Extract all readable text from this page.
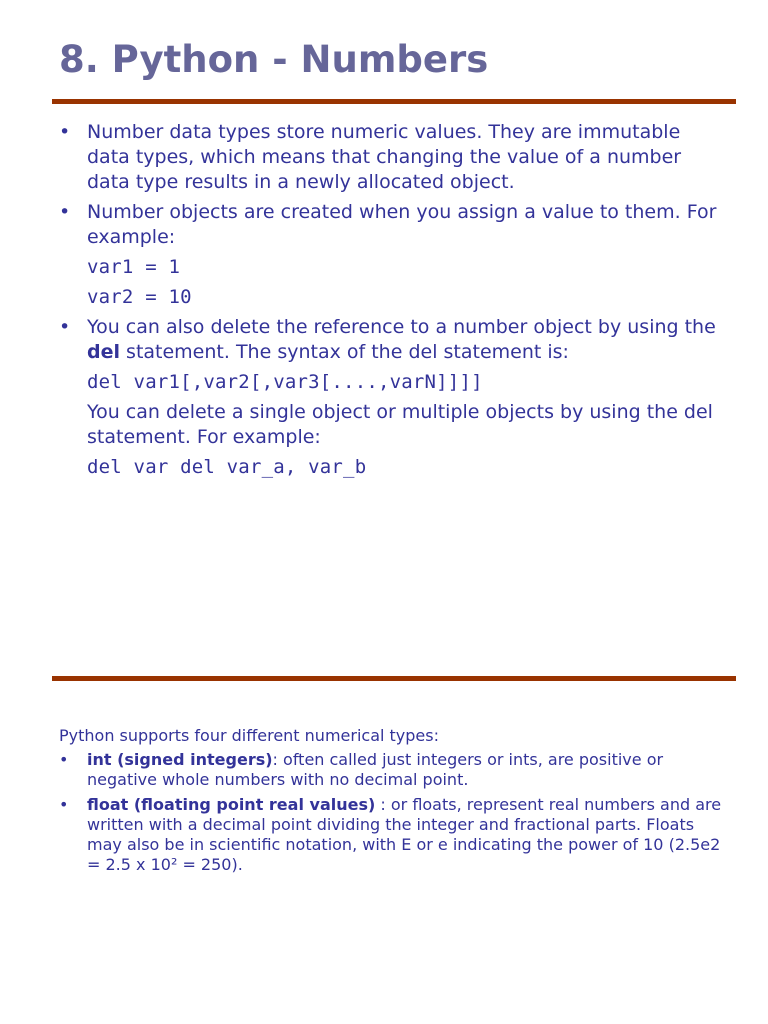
8. Python - Numbers
• Number data types store numeric values. They are immutable data types, which means that changing the value of a number data type results in a newly allocated object.
• Number objects are created when you assign a value to them. For example:
var1 = 1
var2 = 10
• You can also delete the reference to a number object by using the del statement. The syntax of the del statement is:
del var1[,var2[,var3[....,varN]]]]
You can delete a single object or multiple objects by using the del statement. For example:
del var del var_a, var_b
Python supports four different numerical types:
• int (signed integers): often called just integers or ints, are positive or negative whole numbers with no decimal point.
• float (floating point real values) : or floats, represent real numbers and are written with a decimal point dividing the integer and fractional parts. Floats may also be in scientific notation, with E or e indicating the power of 10 (2.5e2 = 2.5 x 10² = 250).
